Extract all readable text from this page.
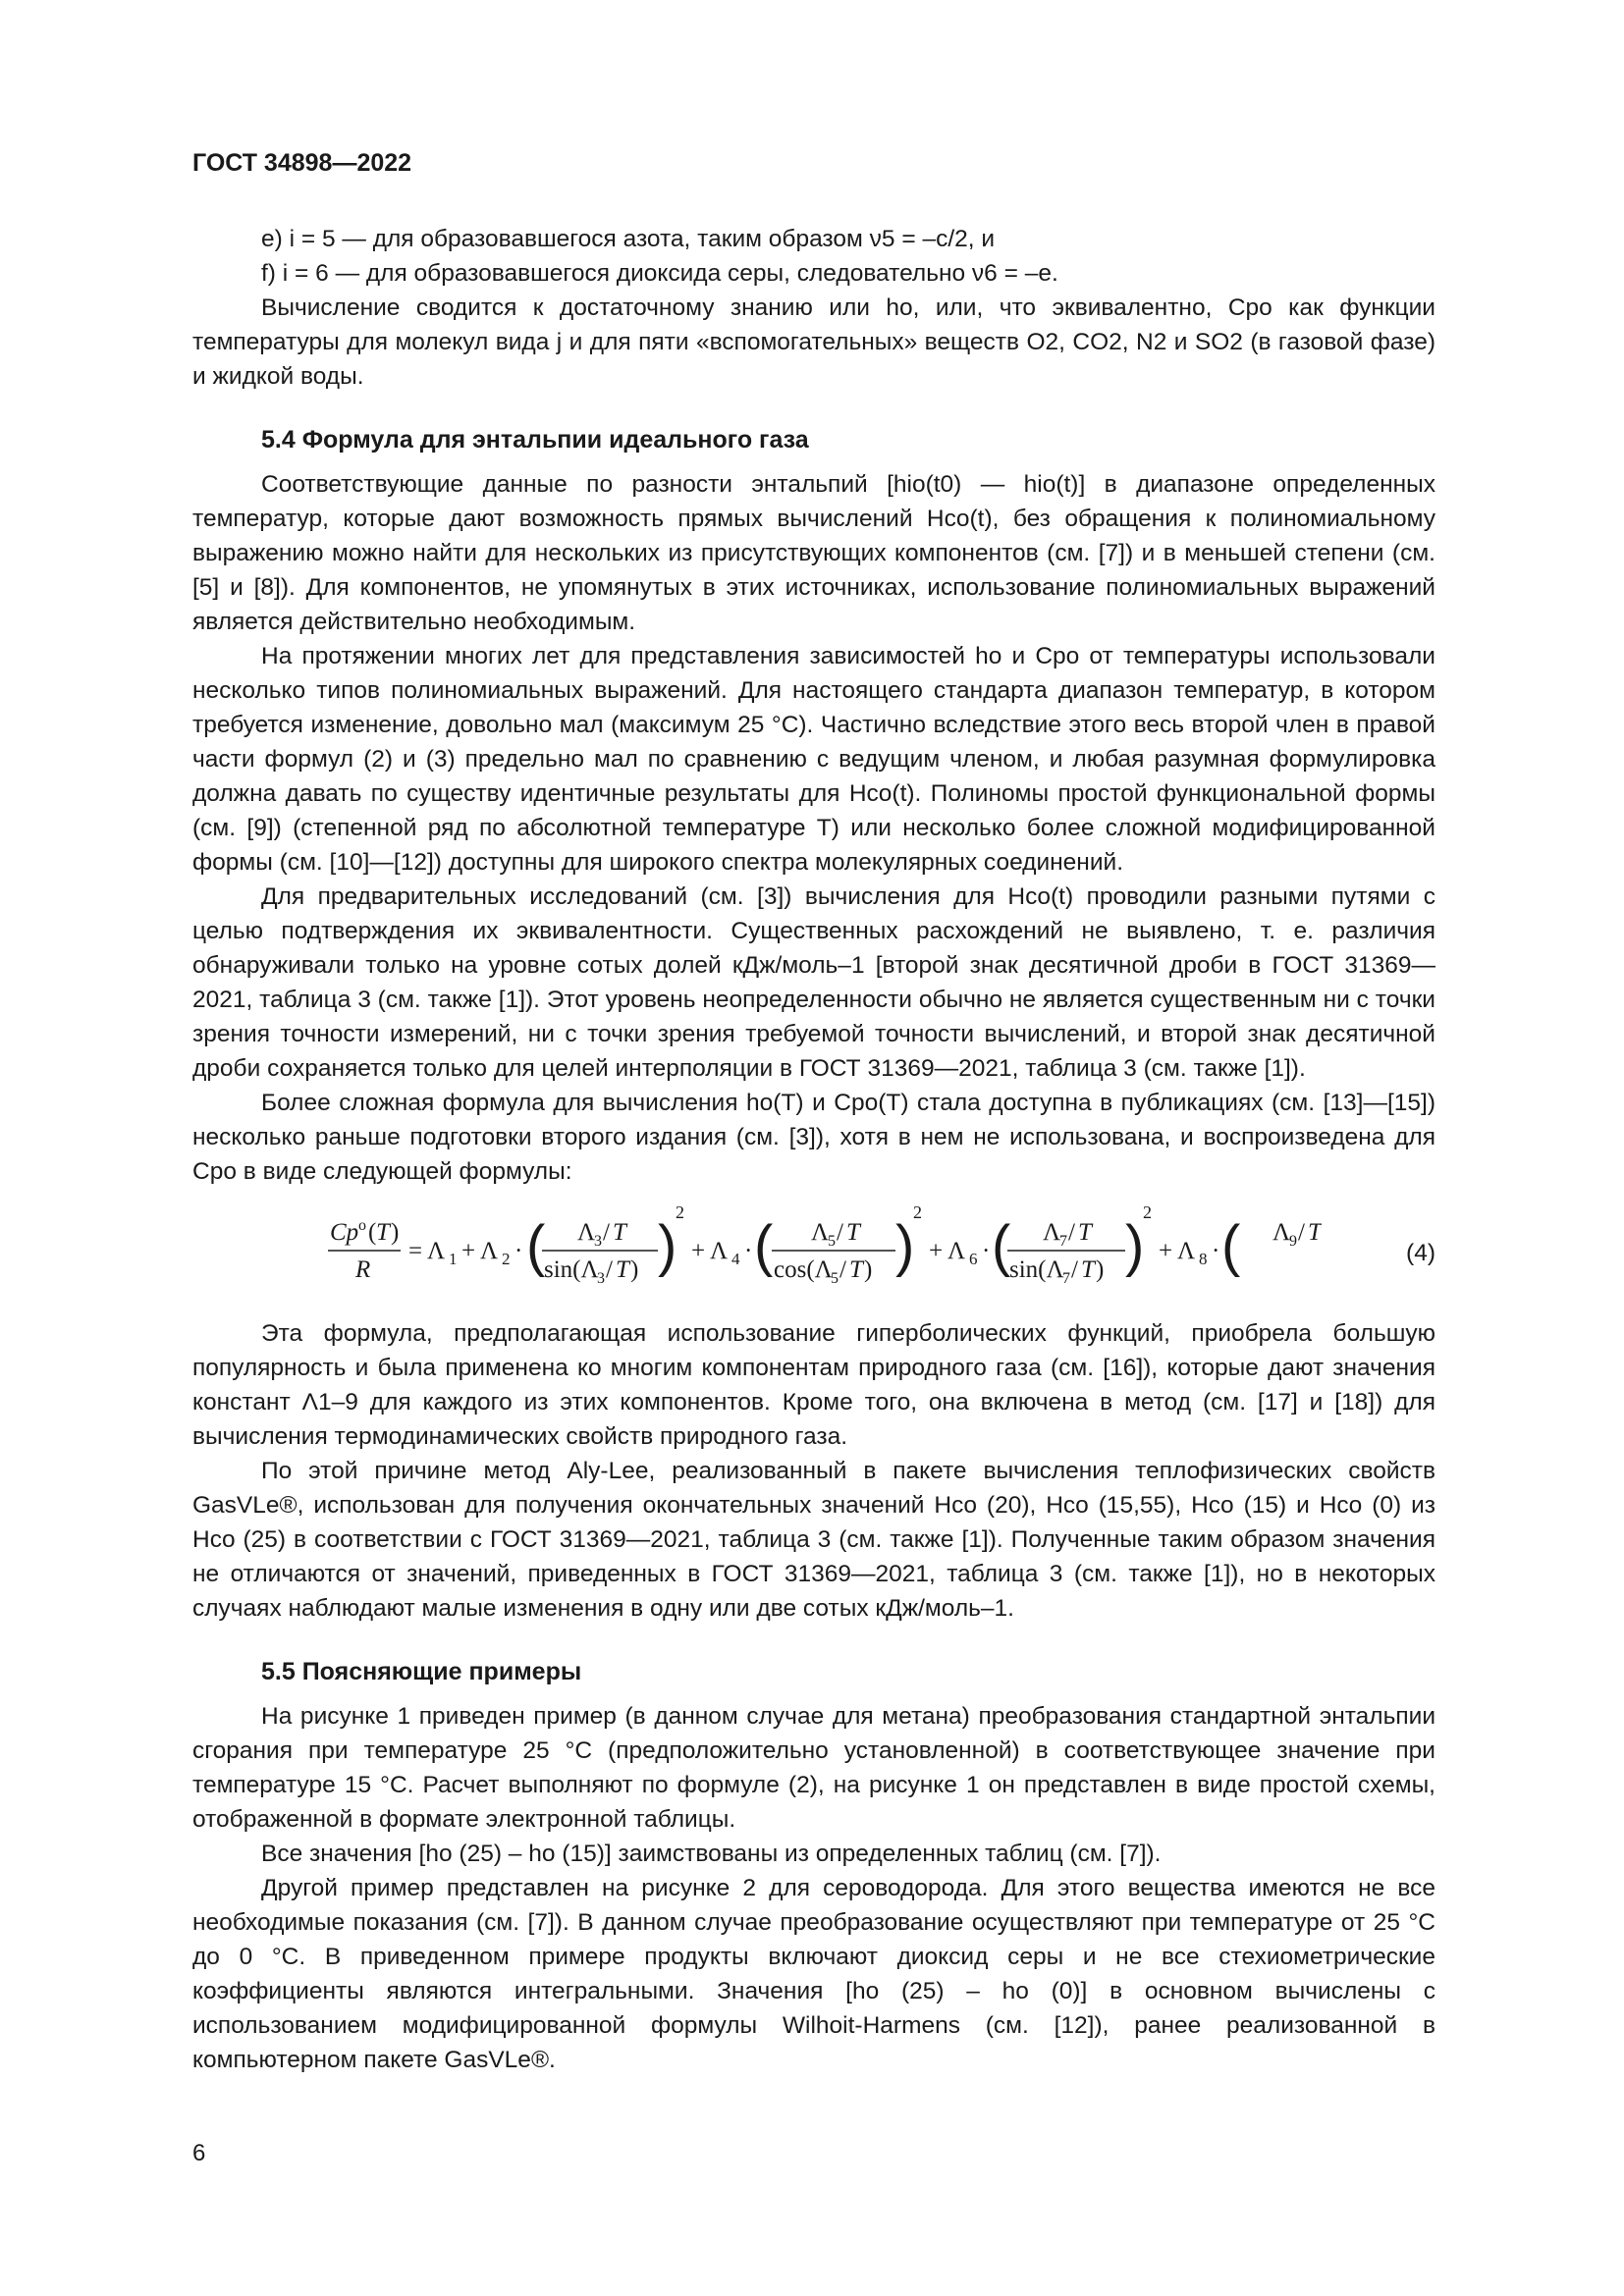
ГОСТ 34898—2022

e) i = 5 — для образовавшегося азота, таким образом ν5 = –c/2, и

f) i = 6 — для образовавшегося диоксида серы, следовательно ν6 = –e.

Вычисление сводится к достаточному знанию или hо, или, что эквивалентно, Cpо как функции температуры для молекул вида j и для пяти «вспомогательных» веществ O2, CO2, N2 и SO2 (в газовой фазе) и жидкой воды.

5.4 Формула для энтальпии идеального газа

Соответствующие данные по разности энтальпий [hiо(t0) — hiо(t)] в диапазоне определенных температур, которые дают возможность прямых вычислений Hcо(t), без обращения к полиномиальному выражению можно найти для нескольких из присутствующих компонентов (см. [7]) и в меньшей степени (см. [5] и [8]). Для компонентов, не упомянутых в этих источниках, использование полиномиальных выражений является действительно необходимым.

На протяжении многих лет для представления зависимостей hо и Cpо от температуры использовали несколько типов полиномиальных выражений. Для настоящего стандарта диапазон температур, в котором требуется изменение, довольно мал (максимум 25 °C). Частично вследствие этого весь второй член в правой части формул (2) и (3) предельно мал по сравнению с ведущим членом, и любая разумная формулировка должна давать по существу идентичные результаты для Hcо(t). Полиномы простой функциональной формы (см. [9]) (степенной ряд по абсолютной температуре T) или несколько более сложной модифицированной формы (см. [10]—[12]) доступны для широкого спектра молекулярных соединений.

Для предварительных исследований (см. [3]) вычисления для Hcо(t) проводили разными путями с целью подтверждения их эквивалентности. Существенных расхождений не выявлено, т. е. различия обнаруживали только на уровне сотых долей кДж/моль–1 [второй знак десятичной дроби в ГОСТ 31369—2021, таблица 3 (см. также [1]). Этот уровень неопределенности обычно не является существенным ни с точки зрения точности измерений, ни с точки зрения требуемой точности вычислений, и второй знак десятичной дроби сохраняется только для целей интерполяции в ГОСТ 31369—2021, таблица 3 (см. также [1]).

Более сложная формула для вычисления hо(T) и Cpо(T) стала доступна в публикациях (см. [13]—[15]) несколько раньше подготовки второго издания (см. [3]), хотя в нем не использована, и воспроизведена для Cpо в виде следующей формулы:

Cp o ( T )
R
= Λ 1 + Λ 2 · ( Λ
3 / T
sin(Λ
3 / T ) )
2
+ Λ 4 · ( Λ
5 / T
cos(Λ
5 / T ) )
2
+ Λ 6 · ( Λ
7 / T
sin(Λ
7 / T ) )
2
+ Λ 8 · ( Λ
9 / T
(4)

Эта формула, предполагающая использование гиперболических функций, приобрела большую популярность и была применена ко многим компонентам природного газа (см. [16]), которые дают значения констант Λ1–9 для каждого из этих компонентов. Кроме того, она включена в метод (см. [17] и [18]) для вычисления термодинамических свойств природного газа.

По этой причине метод Aly-Lee, реализованный в пакете вычисления теплофизических свойств GasVLe®, использован для получения окончательных значений Hcо (20), Hcо (15,55), Hcо (15) и Hcо (0) из Hcо (25) в соответствии с ГОСТ 31369—2021, таблица 3 (см. также [1]). Полученные таким образом значения не отличаются от значений, приведенных в ГОСТ 31369—2021, таблица 3 (см. также [1]), но в некоторых случаях наблюдают малые изменения в одну или две сотых кДж/моль–1.

5.5 Поясняющие примеры

На рисунке 1 приведен пример (в данном случае для метана) преобразования стандартной энтальпии сгорания при температуре 25 °C (предположительно установленной) в соответствующее значение при температуре 15 °C. Расчет выполняют по формуле (2), на рисунке 1 он представлен в виде простой схемы, отображенной в формате электронной таблицы.

Все значения [hо (25) – hо (15)] заимствованы из определенных таблиц (см. [7]).

Другой пример представлен на рисунке 2 для сероводорода. Для этого вещества имеются не все необходимые показания (см. [7]). В данном случае преобразование осуществляют при температуре от 25 °C до 0 °C. В приведенном примере продукты включают диоксид серы и не все стехиометрические коэффициенты являются интегральными. Значения [hо (25) – hо (0)] в основном вычислены с использованием модифицированной формулы Wilhoit-Harmens (см. [12]), ранее реализованной в компьютерном пакете GasVLe®.

6
